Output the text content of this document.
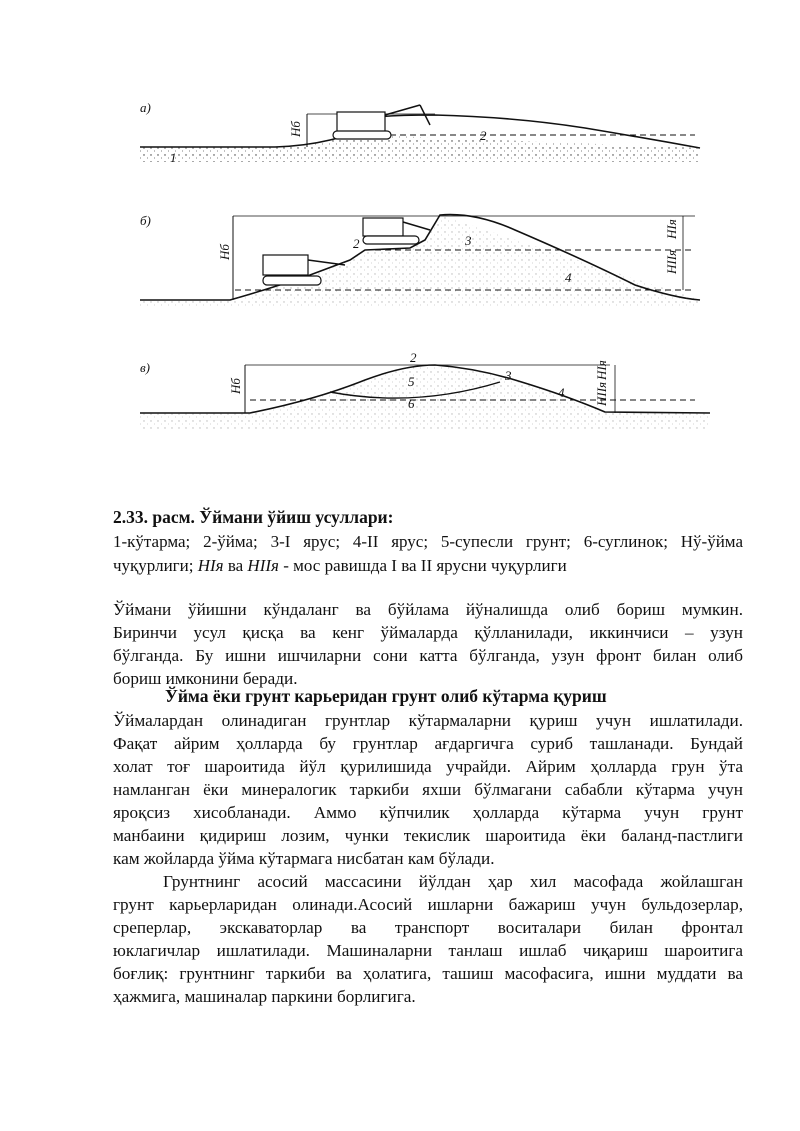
а)
Нб
1
2
б)
Нб
2	3
4
НIя
НIIя
в)
Нб
2
3
4
5
6
НIя
НIIя
2.33. расм. Ўймани ўйиш усуллари:
1-кўтарма; 2-ўйма; 3-I ярус; 4-II ярус; 5-супесли грунт; 6-суглинок; Нў-ўйма
чуқурлиги; НIя ва НIIя - мос равишда I ва II ярусни чуқурлиги
Ўймани ўйишни кўндаланг ва бўйлама йўналишда олиб бориш мумкин.
Биринчи усул қисқа ва кенг ўймаларда қўлланилади, иккинчиси – узун
бўлганда. Бу ишни ишчиларни сони катта бўлганда, узун фронт билан олиб
бориш имконини беради.
Ўйма ёки грунт карьеридан грунт олиб кўтарма қуриш
Ўймалардан олинадиган грунтлар кўтармаларни қуриш учун ишлатилади.
Фақат айрим ҳолларда бу грунтлар ағдаргичга суриб ташланади. Бундай
холат тоғ шароитида йўл қурилишида учрайди. Айрим ҳолларда грун ўта
намланган ёки минералогик таркиби яхши бўлмагани сабабли кўтарма учун
яроқсиз хисобланади. Аммо кўпчилик ҳолларда кўтарма учун грунт
манбаини қидириш лозим, чунки текислик шароитида ёки баланд-пастлиги
кам жойларда ўйма кўтармага нисбатан кам бўлади.
Грунтнинг асосий массасини йўлдан ҳар хил масофада жойлашган
грунт карьерларидан олинади.Асосий ишларни бажариш учун бульдозерлар,
среперлар, экскаваторлар ва транспорт воситалари билан фронтал
юклагичлар ишлатилади. Машиналарни танлаш ишлаб чиқариш шароитига
боғлиқ: грунтнинг таркиби ва ҳолатига, ташиш масофасига, ишни муддати ва
ҳажмига, машиналар паркини борлигига.
